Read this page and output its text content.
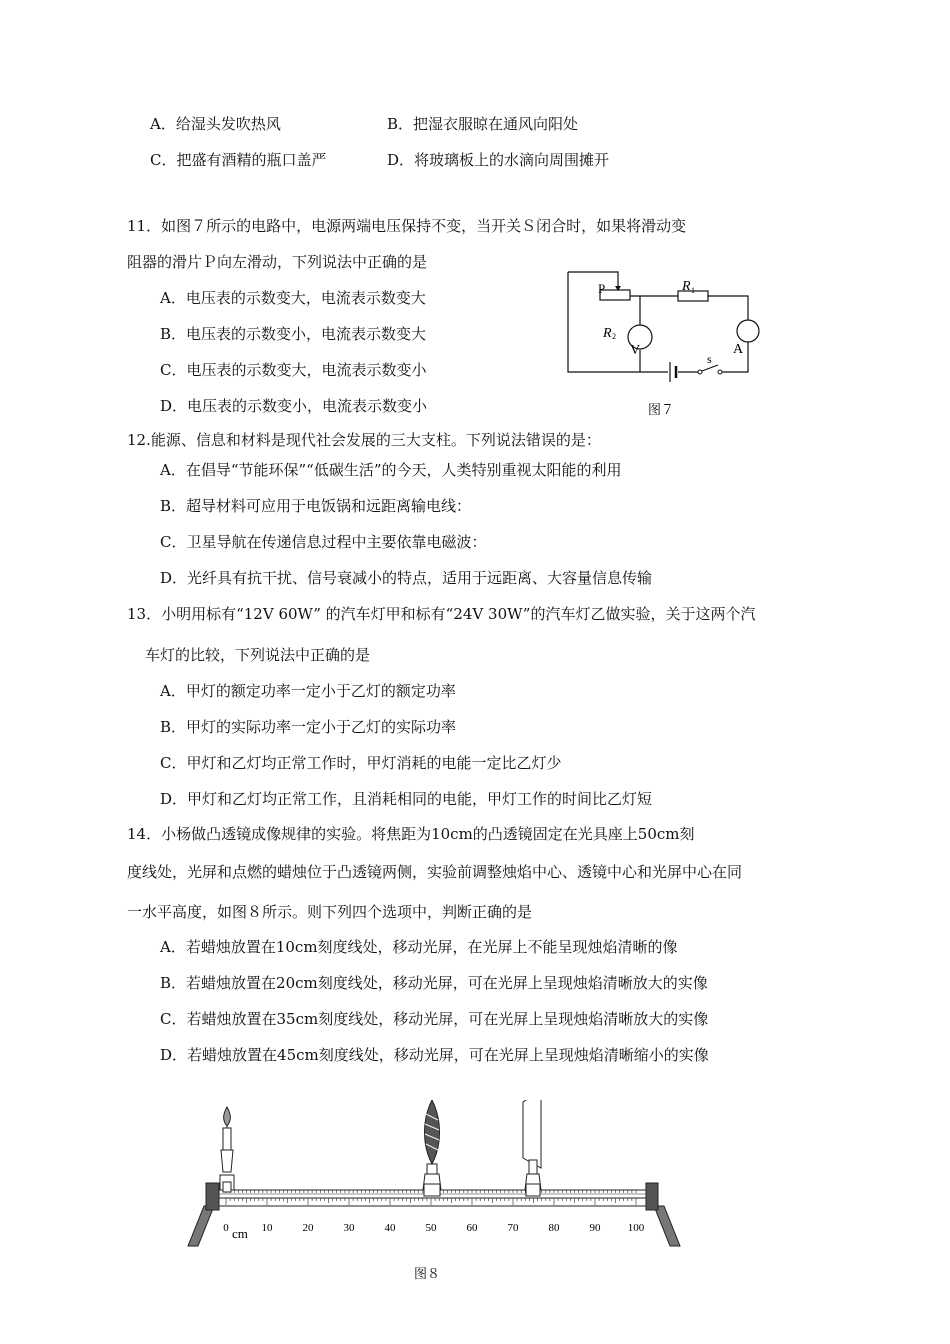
A．给湿头发吹热风	B．把湿衣服晾在通风向阳处
C．把盛有酒精的瓶口盖严	D．将玻璃板上的水滴向周围摊开
11．如图７所示的电路中，电源两端电压保持不变，当开关Ｓ闭合时，如果将滑动变
阻器的滑片Ｐ向左滑动，下列说法中正确的是
A．电压表的示数变大，电流表示数变大
B．电压表的示数变小，电流表示数变大
C．电压表的示数变大，电流表示数变小
D．电压表的示数变小，电流表示数变小
P	R 1
R 2
V	A
s
图７
12.能源、信息和材料是现代社会发展的三大支柱。下列说法错误的是：
A．在倡导“节能环保”“低碳生活”的今天，人类特别重视太阳能的利用
B．超导材料可应用于电饭锅和远距离输电线：
C．卫星导航在传递信息过程中主要依靠电磁波：
D．光纤具有抗干扰、信号衰减小的特点，适用于远距离、大容量信息传输
13．小明用标有“12V 60W” 的汽车灯甲和标有“24V 30W”的汽车灯乙做实验，关于这两个汽
车灯的比较，下列说法中正确的是
A．甲灯的额定功率一定小于乙灯的额定功率
B．甲灯的实际功率一定小于乙灯的实际功率
C．甲灯和乙灯均正常工作时，甲灯消耗的电能一定比乙灯少
D．甲灯和乙灯均正常工作，且消耗相同的电能，甲灯工作的时间比乙灯短
14．小杨做凸透镜成像规律的实验。将焦距为10cm的凸透镜固定在光具座上50cm刻
度线处，光屏和点燃的蜡烛位于凸透镜两侧，实验前调整烛焰中心、透镜中心和光屏中心在同
一水平高度，如图８所示。则下列四个选项中，判断正确的是
A．若蜡烛放置在10cm刻度线处，移动光屏，在光屏上不能呈现烛焰清晰的像
B．若蜡烛放置在20cm刻度线处，移动光屏，可在光屏上呈现烛焰清晰放大的实像
C．若蜡烛放置在35cm刻度线处，移动光屏，可在光屏上呈现烛焰清晰放大的实像
D．若蜡烛放置在45cm刻度线处，移动光屏，可在光屏上呈现烛焰清晰缩小的实像
0	10	20	30	40	50	60	70	80	90 100
cm
图８
